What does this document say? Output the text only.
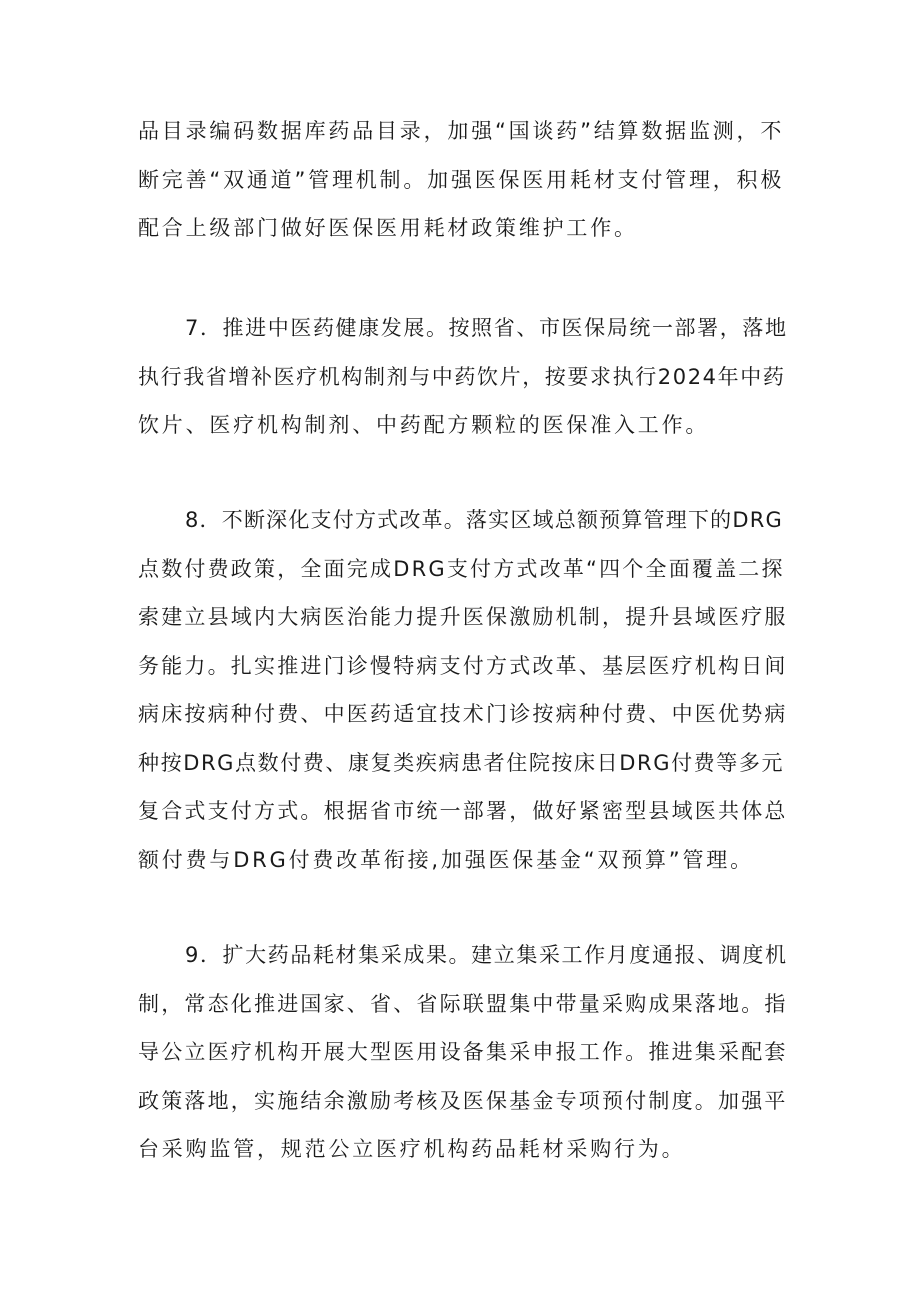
品目录编码数据库药品目录，加强“国谈药”结算数据监测，不
断完善“双通道”管理机制。加强医保医用耗材支付管理，积极
配合上级部门做好医保医用耗材政策维护工作。

7．推进中医药健康发展。按照省、市医保局统一部署，落地
执行我省增补医疗机构制剂与中药饮片，按要求执行2024年中药
饮片、医疗机构制剂、中药配方颗粒的医保准入工作。

8．不断深化支付方式改革。落实区域总额预算管理下的DRG
点数付费政策，全面完成DRG支付方式改革“四个全面覆盖二探
索建立县域内大病医治能力提升医保激励机制，提升县域医疗服
务能力。扎实推进门诊慢特病支付方式改革、基层医疗机构日间
病床按病种付费、中医药适宜技术门诊按病种付费、中医优势病
种按DRG点数付费、康复类疾病患者住院按床日DRG付费等多元
复合式支付方式。根据省市统一部署，做好紧密型县域医共体总
额付费与DRG付费改革衔接,加强医保基金“双预算”管理。

9．扩大药品耗材集采成果。建立集采工作月度通报、调度机
制，常态化推进国家、省、省际联盟集中带量采购成果落地。指
导公立医疗机构开展大型医用设备集采申报工作。推进集采配套
政策落地，实施结余激励考核及医保基金专项预付制度。加强平
台采购监管，规范公立医疗机构药品耗材采购行为。
